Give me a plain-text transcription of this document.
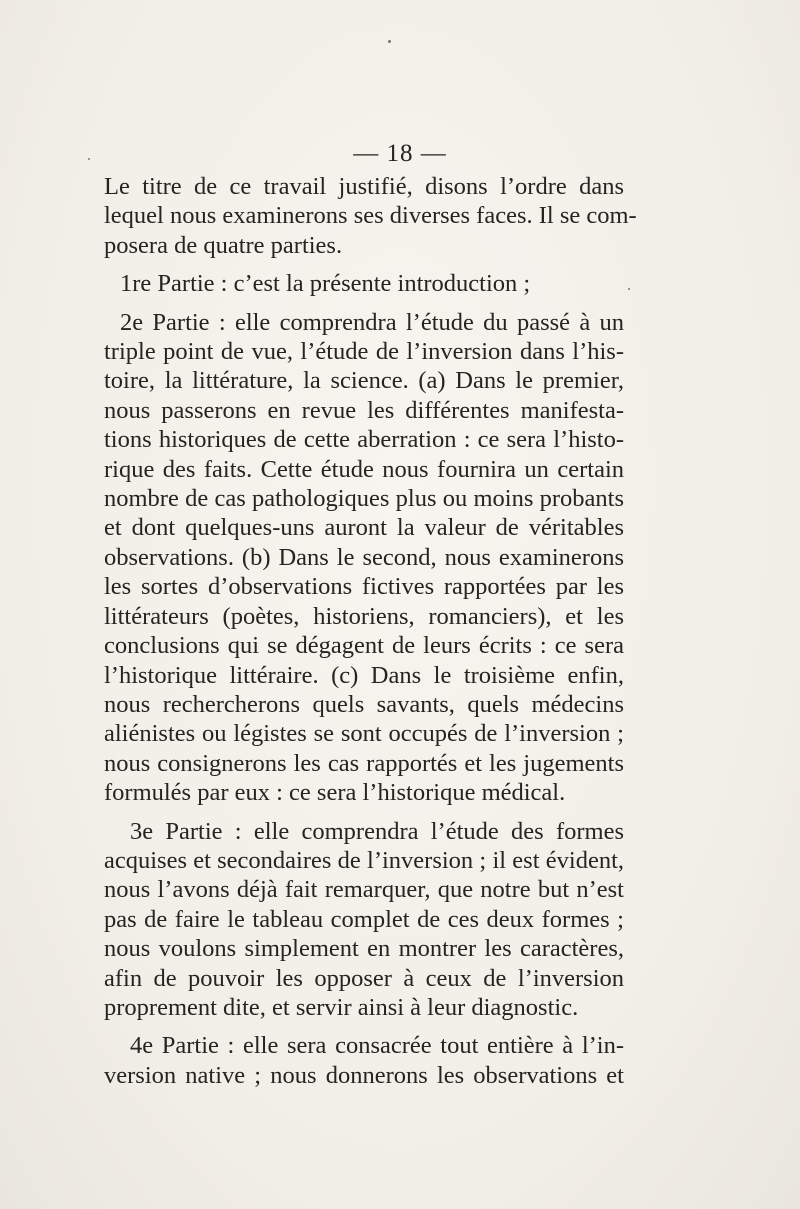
— 18 —

Le titre de ce travail justifié, disons l’ordre dans
lequel nous examinerons ses diverses faces. Il se com-
posera de quatre parties.

1re Partie : c’est la présente introduction ;

2e Partie : elle comprendra l’étude du passé à un
triple point de vue, l’étude de l’inversion dans l’his-
toire, la littérature, la science. (a) Dans le premier,
nous passerons en revue les différentes manifesta-
tions historiques de cette aberration : ce sera l’histo-
rique des faits. Cette étude nous fournira un certain
nombre de cas pathologiques plus ou moins probants
et dont quelques-uns auront la valeur de véritables
observations. (b) Dans le second, nous examinerons
les sortes d’observations fictives rapportées par les
littérateurs (poètes, historiens, romanciers), et les
conclusions qui se dégagent de leurs écrits : ce sera
l’historique littéraire. (c) Dans le troisième enfin,
nous rechercherons quels savants, quels médecins
aliénistes ou légistes se sont occupés de l’inversion ;
nous consignerons les cas rapportés et les jugements
formulés par eux : ce sera l’historique médical.

3e Partie : elle comprendra l’étude des formes
acquises et secondaires de l’inversion ; il est évident,
nous l’avons déjà fait remarquer, que notre but n’est
pas de faire le tableau complet de ces deux formes ;
nous voulons simplement en montrer les caractères,
afin de pouvoir les opposer à ceux de l’inversion
proprement dite, et servir ainsi à leur diagnostic.

4e Partie : elle sera consacrée tout entière à l’in-
version native ; nous donnerons les observations et
